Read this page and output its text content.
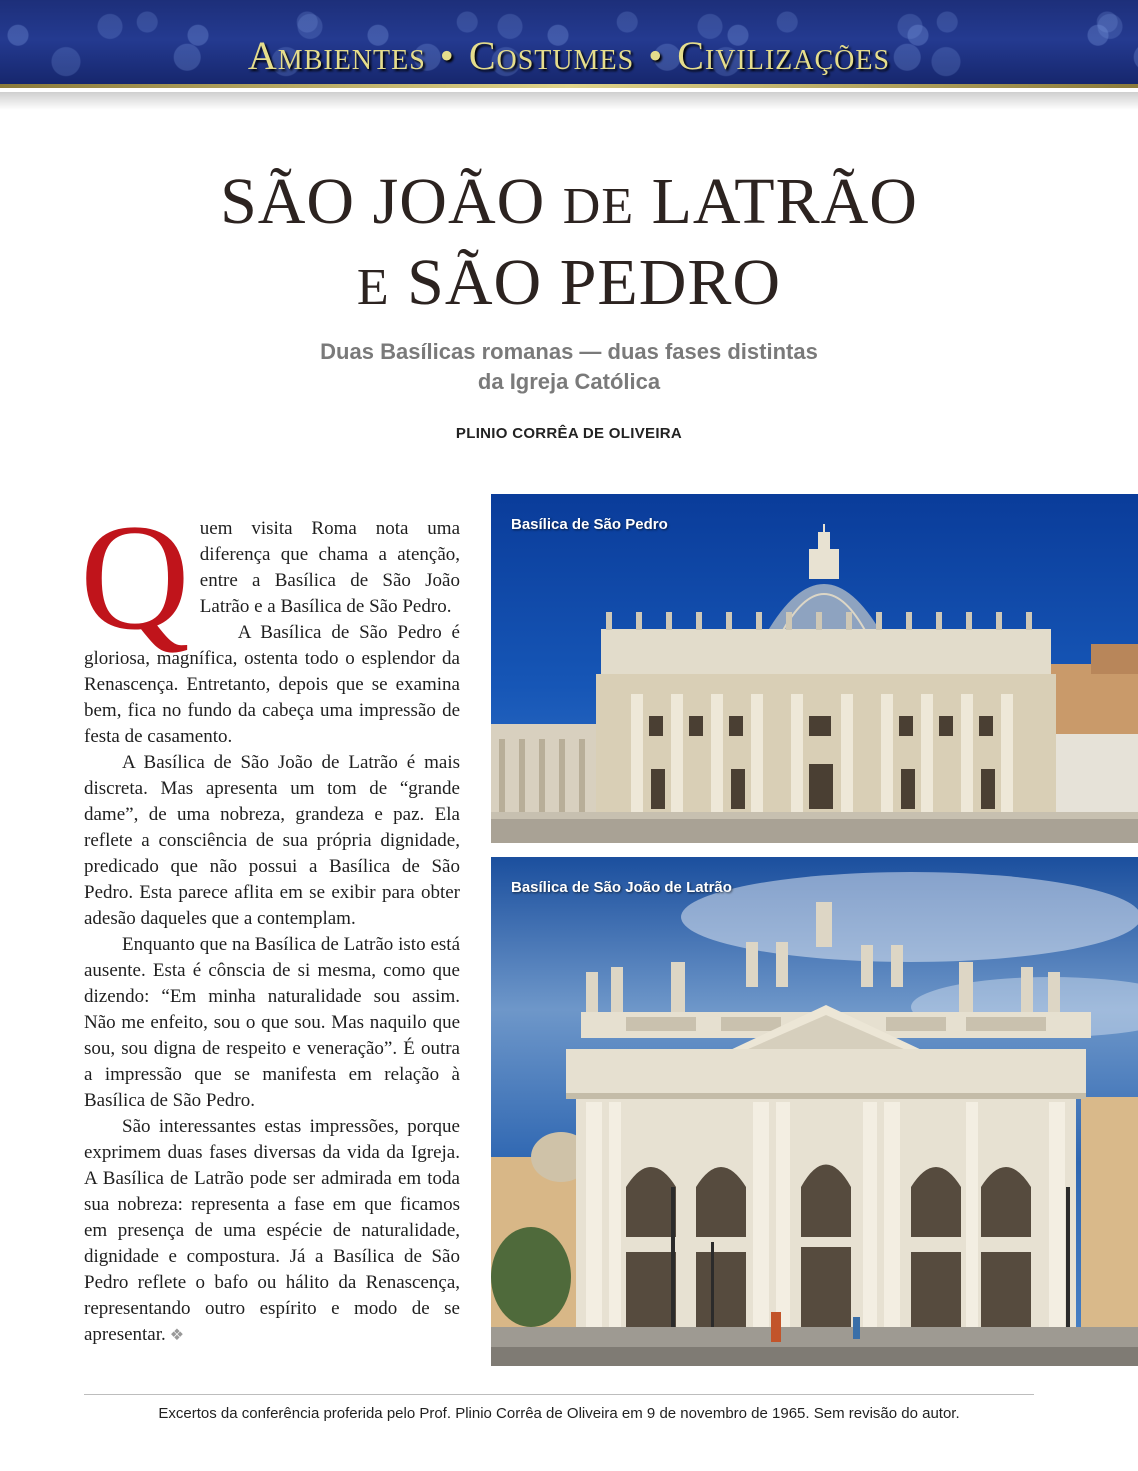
Ambientes • Costumes • Civilizações
SÃO JOÃO DE LATRÃO
E SÃO PEDRO
Duas Basílicas romanas — duas fases distintas
da Igreja Católica
PLINIO CORRÊA DE OLIVEIRA
Q uem visita Roma nota uma diferença que chama a atenção, entre a Basílica de São João Latrão e a Basílica de São Pedro.

A Basílica de São Pedro é gloriosa, magnífica, ostenta todo o esplendor da Renascença. Entretanto, depois que se examina bem, fica no fundo da cabeça uma impressão de festa de casamento.

A Basílica de São João de Latrão é mais discreta. Mas apresenta um tom de “grande dame”, de uma nobreza, grandeza e paz. Ela reflete a consciência de sua própria dignidade, predicado que não possui a Basílica de São Pedro. Esta parece aflita em se exibir para obter adesão daqueles que a contemplam.

Enquanto que na Basílica de Latrão isto está ausente. Esta é cônscia de si mesma, como que dizendo: “Em minha naturalidade sou assim. Não me enfeito, sou o que sou. Mas naquilo que sou, sou digna de respeito e veneração”. É outra a impressão que se manifesta em relação à Basílica de São Pedro.

São interessantes estas impressões, porque exprimem duas fases diversas da vida da Igreja. A Basílica de Latrão pode ser admirada em toda sua nobreza: representa a fase em que ficamos em presença de uma espécie de naturalidade, dignidade e compostura. Já a Basílica de São Pedro reflete o bafo ou hálito da Renascença, representando outro espírito e modo de se apresentar. ❖

Basílica de São Pedro
Basílica de São João de Latrão
Excertos da conferência proferida pelo Prof. Plinio Corrêa de Oliveira em 9 de novembro de 1965. Sem revisão do autor.
